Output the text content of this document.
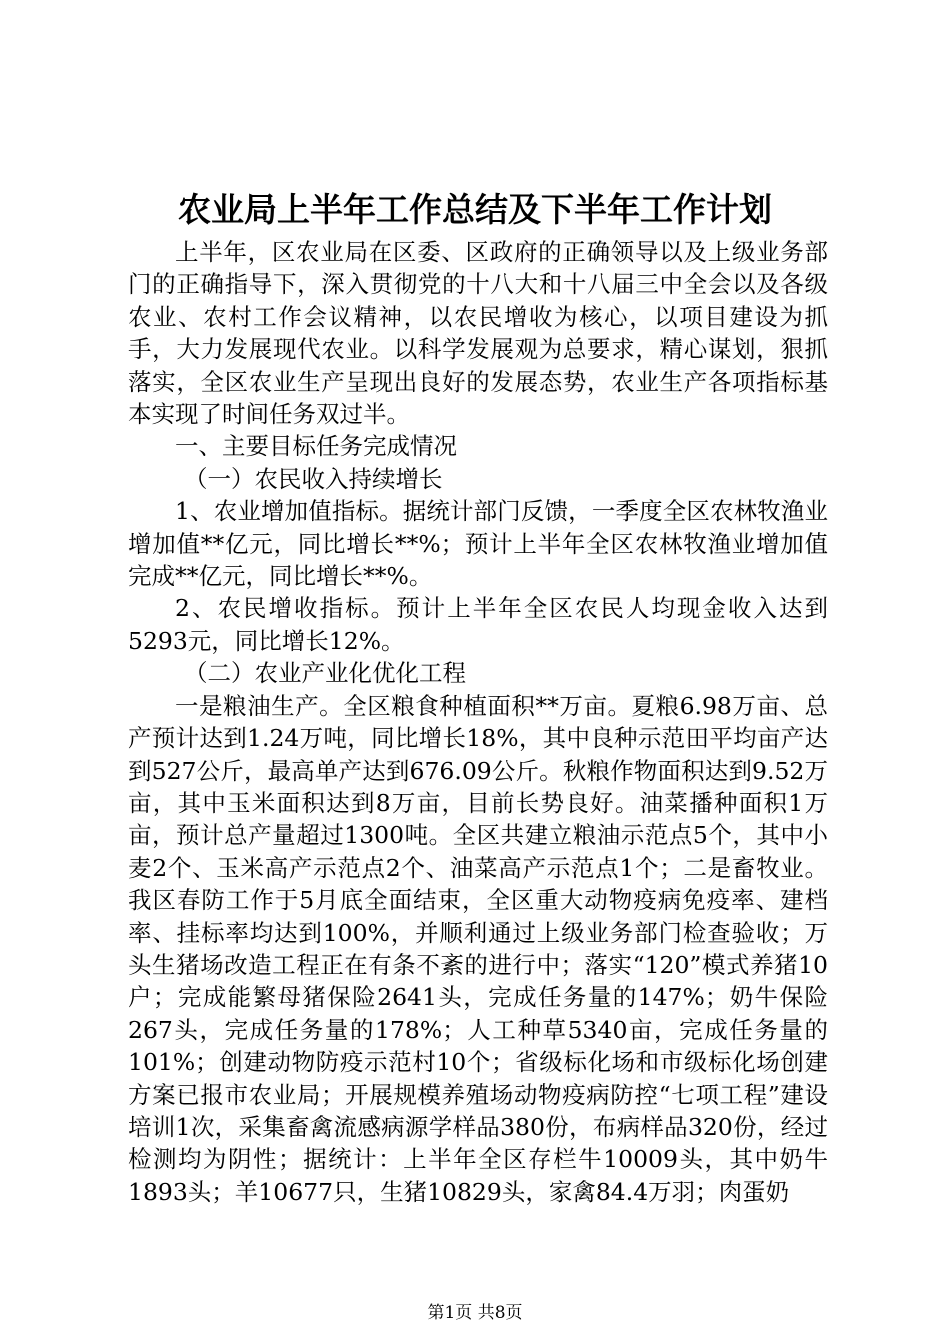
农业局上半年工作总结及下半年工作计划

上半年，区农业局在区委、区政府的正确领导以及上级业务部门的正确指导下，深入贯彻党的十八大和十八届三中全会以及各级农业、农村工作会议精神，以农民增收为核心，以项目建设为抓手，大力发展现代农业。以科学发展观为总要求，精心谋划，狠抓落实，全区农业生产呈现出良好的发展态势，农业生产各项指标基本实现了时间任务双过半。

一、主要目标任务完成情况

（一）农民收入持续增长

1、农业增加值指标。据统计部门反馈，一季度全区农林牧渔业增加值**亿元，同比增长**%；预计上半年全区农林牧渔业增加值完成**亿元，同比增长**%。

2、农民增收指标。预计上半年全区农民人均现金收入达到5293元，同比增长12%。

（二）农业产业化优化工程

一是粮油生产。全区粮食种植面积**万亩。夏粮6.98万亩、总产预计达到1.24万吨，同比增长18%，其中良种示范田平均亩产达到527公斤，最高单产达到676.09公斤。秋粮作物面积达到9.52万亩，其中玉米面积达到8万亩，目前长势良好。油菜播种面积1万亩，预计总产量超过1300吨。全区共建立粮油示范点5个，其中小麦2个、玉米高产示范点2个、油菜高产示范点1个；二是畜牧业。我区春防工作于5月底全面结束，全区重大动物疫病免疫率、建档率、挂标率均达到100%，并顺利通过上级业务部门检查验收；万头生猪场改造工程正在有条不紊的进行中；落实“120”模式养猪10户；完成能繁母猪保险2641头，完成任务量的147%；奶牛保险267头，完成任务量的178%；人工种草5340亩，完成任务量的101%；创建动物防疫示范村10个；省级标化场和市级标化场创建方案已报市农业局；开展规模养殖场动物疫病防控“七项工程”建设培训1次，采集畜禽流感病源学样品380份，布病样品320份，经过检测均为阴性；据统计：上半年全区存栏牛10009头，其中奶牛1893头；羊10677只，生猪10829头，家禽84.4万羽；肉蛋奶

第1页 共8页
